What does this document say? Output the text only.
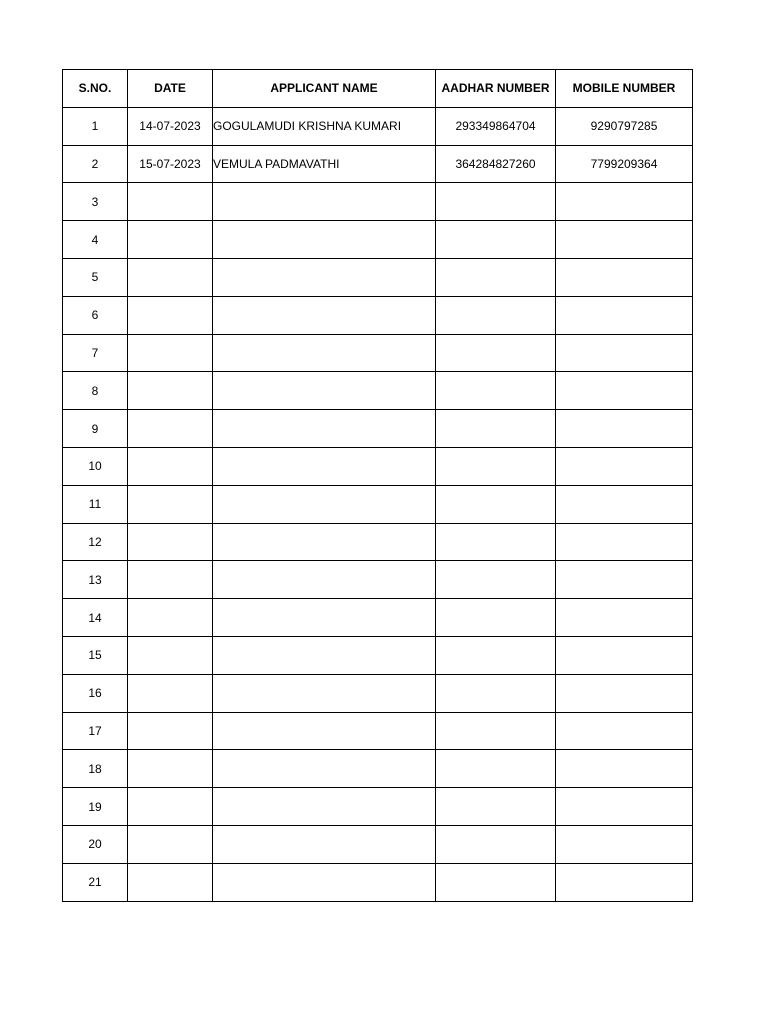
S.NO.	DATE	APPLICANT NAME	AADHAR NUMBER	MOBILE NUMBER
1	14-07-2023	GOGULAMUDI KRISHNA KUMARI	293349864704	9290797285
2	15-07-2023	VEMULA PADMAVATHI	364284827260	7799209364
3				
4				
5				
6				
7				
8				
9				
10				
11				
12				
13				
14				
15				
16				
17				
18				
19				
20				
21				
